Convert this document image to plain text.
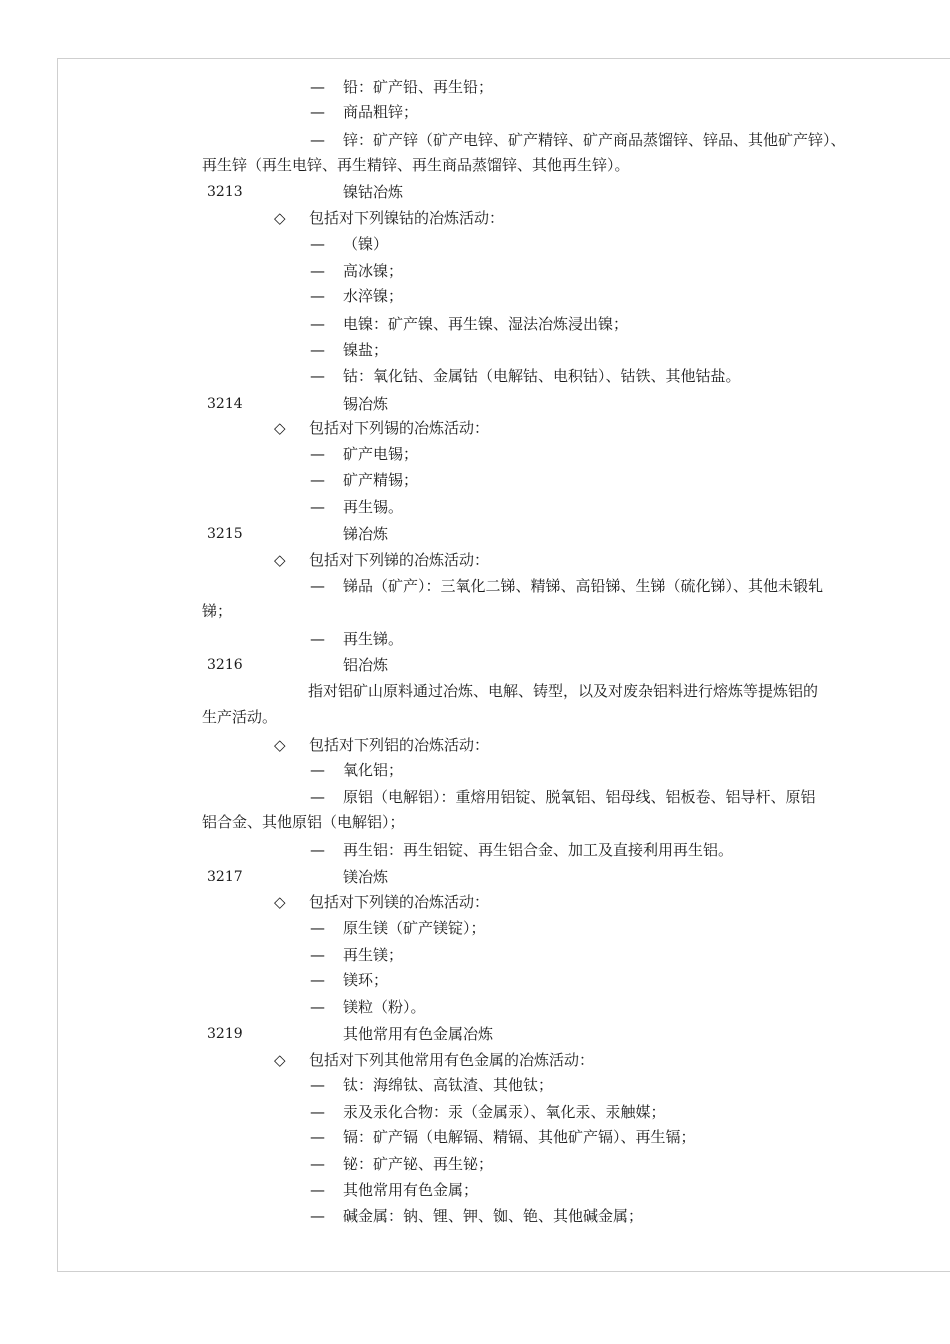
— 铅：矿产铅、再生铅；
— 商品粗锌；
— 锌：矿产锌（矿产电锌、矿产精锌、矿产商品蒸馏锌、锌品、其他矿产锌）、
再生锌（再生电锌、再生精锌、再生商品蒸馏锌、其他再生锌）。
3213	镍钴冶炼
◇ 包括对下列镍钴的冶炼活动：
— （镍）
— 高冰镍；
— 水淬镍；
— 电镍：矿产镍、再生镍、湿法冶炼浸出镍；
— 镍盐；
— 钴：氧化钴、金属钴（电解钴、电积钴）、钴铁、其他钴盐。
3214	锡冶炼
◇ 包括对下列锡的冶炼活动：
— 矿产电锡；
— 矿产精锡；
— 再生锡。
3215	锑冶炼
◇ 包括对下列锑的冶炼活动：
— 锑品（矿产）：三氧化二锑、精锑、高铅锑、生锑（硫化锑）、其他未锻轧
锑；
— 再生锑。
3216	铝冶炼
指对铝矿山原料通过冶炼、电解、铸型，以及对废杂铝料进行熔炼等提炼铝的
生产活动。
◇ 包括对下列铝的冶炼活动：
— 氧化铝；
— 原铝（电解铝）：重熔用铝锭、脱氧铝、铝母线、铝板卷、铝导杆、原铝
铝合金、其他原铝（电解铝）；
— 再生铝：再生铝锭、再生铝合金、加工及直接利用再生铝。
3217	镁冶炼
◇ 包括对下列镁的冶炼活动：
— 原生镁（矿产镁锭）；
— 再生镁；
— 镁环；
— 镁粒（粉）。
3219	其他常用有色金属冶炼
◇ 包括对下列其他常用有色金属的冶炼活动：
— 钛：海绵钛、高钛渣、其他钛；
— 汞及汞化合物：汞（金属汞）、氧化汞、汞触媒；
— 镉：矿产镉（电解镉、精镉、其他矿产镉）、再生镉；
— 铋：矿产铋、再生铋；
— 其他常用有色金属；
— 碱金属：钠、锂、钾、铷、铯、其他碱金属；
